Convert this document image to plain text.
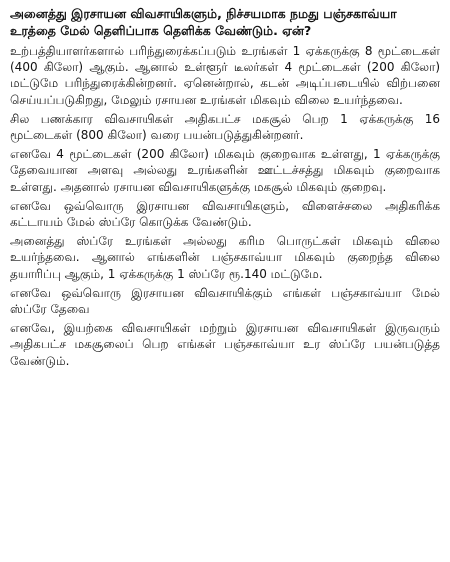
அனைத்து இரசாயன விவசாயிகளும், நிச்சயமாக நமது பஞ்சகாவ்யா உரத்தை மேல் தெளிப்பாக தெளிக்க வேண்டும். ஏன்?

உற்பத்தியாளர்களால் பரிந்துரைக்கப்படும் உரங்கள் 1 ஏக்கருக்கு 8 மூட்டைகள் (400 கிலோ) ஆகும். ஆனால் உள்ளூர் டீலர்கள் 4 மூட்டைகள் (200 கிலோ) மட்டுமே பரிந்துரைக்கின்றனர். ஏனென்றால், கடன் அடிப்படையில் விற்பனை செய்யப்படுகிறது, மேலும் ரசாயன உரங்கள் மிகவும் விலை உயர்ந்தவை.

சில பணக்கார விவசாயிகள் அதிகபட்ச மகசூல் பெற 1 ஏக்கருக்கு 16 மூட்டைகள் (800 கிலோ) வரை பயன்படுத்துகின்றனர்.

எனவே 4 மூட்டைகள் (200 கிலோ) மிகவும் குறைவாக உள்ளது, 1 ஏக்கருக்கு தேவையான அளவு அல்லது உரங்களின் ஊட்டச்சத்து மிகவும் குறைவாக உள்ளது. அதனால் ரசாயன விவசாயிகளுக்கு மகசூல் மிகவும் குறைவு.

எனவே ஒவ்வொரு இரசாயன விவசாயிகளும், விளைச்சலை அதிகரிக்க கட்டாயம் மேல் ஸ்ப்ரே கொடுக்க வேண்டும்.

அனைத்து ஸ்ப்ரே உரங்கள் அல்லது கரிம பொருட்கள் மிகவும் விலை உயர்ந்தவை. ஆனால் எங்களின் பஞ்சகாவ்யா மிகவும் குறைந்த விலை தயாரிப்பு ஆகும், 1 ஏக்கருக்கு 1 ஸ்ப்ரே ரூ.140 மட்டுமே.

எனவே ஒவ்வொரு இரசாயன விவசாயிக்கும் எங்கள் பஞ்சகாவ்யா மேல் ஸ்ப்ரே தேவை

எனவே, இயற்கை விவசாயிகள் மற்றும் இரசாயன விவசாயிகள் இருவரும் அதிகபட்ச மகசூலைப் பெற எங்கள் பஞ்சகாவ்யா உர ஸ்ப்ரே பயன்படுத்த வேண்டும்.
